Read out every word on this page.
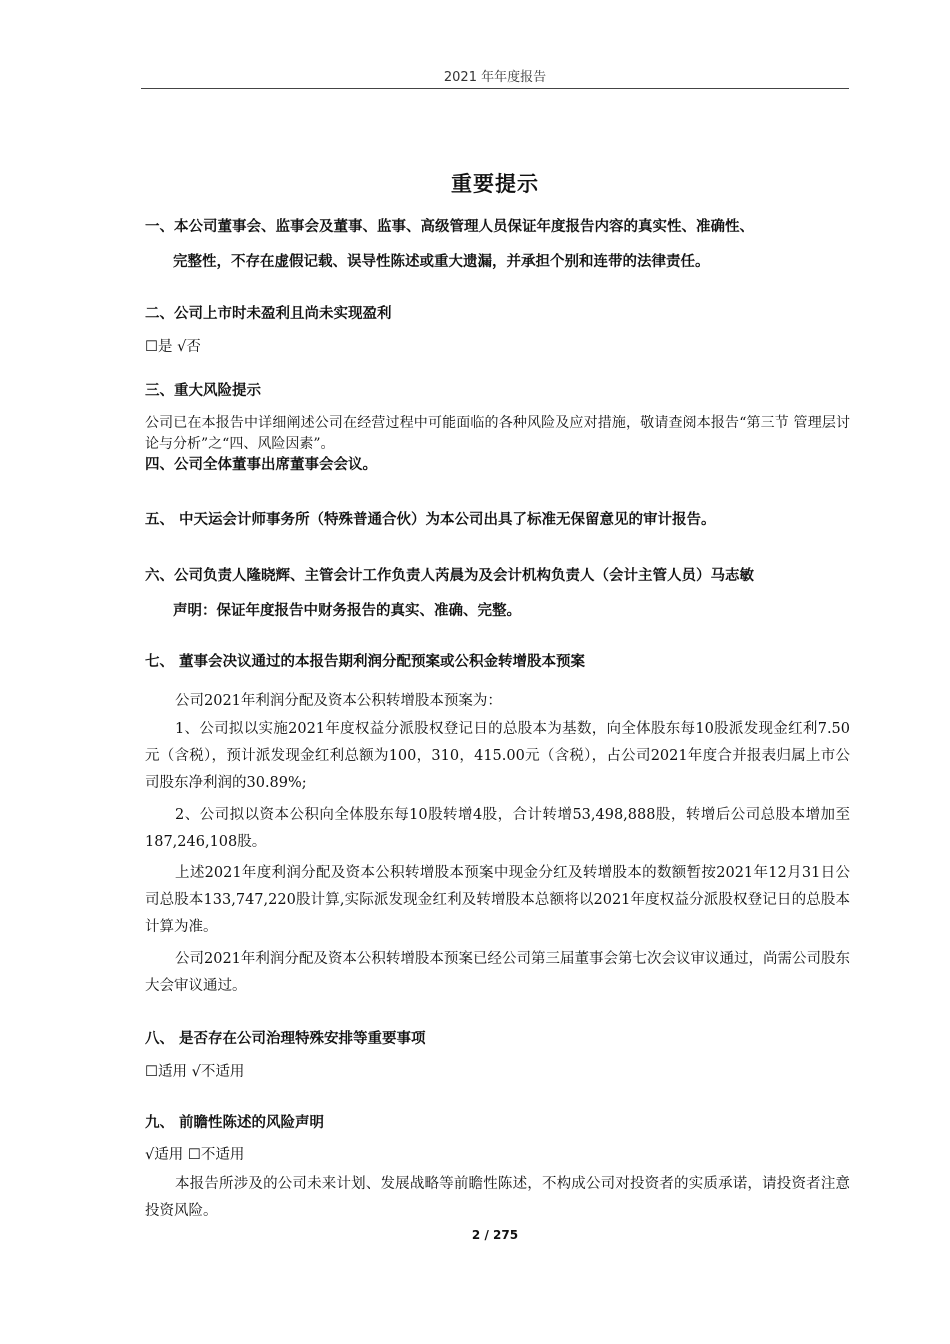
2021 年年度报告
重要提示

一、本公司董事会、监事会及董事、监事、高级管理人员保证年度报告内容的真实性、准确性、
完整性，不存在虚假记载、误导性陈述或重大遗漏，并承担个别和连带的法律责任。

二、公司上市时未盈利且尚未实现盈利

☐是 √否

三、重大风险提示

公司已在本报告中详细阐述公司在经营过程中可能面临的各种风险及应对措施，敬请查阅本报告“第三节 管理层讨论与分析”之“四、风险因素”。

四、公司全体董事出席董事会会议。

五、 中天运会计师事务所（特殊普通合伙）为本公司出具了标准无保留意见的审计报告。

六、公司负责人隆晓辉、主管会计工作负责人芮晨为及会计机构负责人（会计主管人员）马志敏
声明：保证年度报告中财务报告的真实、准确、完整。

七、 董事会决议通过的本报告期利润分配预案或公积金转增股本预案

公司2021年利润分配及资本公积转增股本预案为：

1、公司拟以实施2021年度权益分派股权登记日的总股本为基数，向全体股东每10股派发现金红利7.50元（含税），预计派发现金红利总额为100，310，415.00元（含税），占公司2021年度合并报表归属上市公司股东净利润的30.89%;

2、公司拟以资本公积向全体股东每10股转增4股，合计转增53,498,888股，转增后公司总股本增加至187,246,108股。

上述2021年度利润分配及资本公积转增股本预案中现金分红及转增股本的数额暂按2021年12月31日公司总股本133,747,220股计算,实际派发现金红利及转增股本总额将以2021年度权益分派股权登记日的总股本计算为准。

公司2021年利润分配及资本公积转增股本预案已经公司第三届董事会第七次会议审议通过，尚需公司股东大会审议通过。

八、 是否存在公司治理特殊安排等重要事项

☐适用 √不适用

九、 前瞻性陈述的风险声明

√适用 ☐不适用

本报告所涉及的公司未来计划、发展战略等前瞻性陈述，不构成公司对投资者的实质承诺，请投资者注意投资风险。

2 / 275
